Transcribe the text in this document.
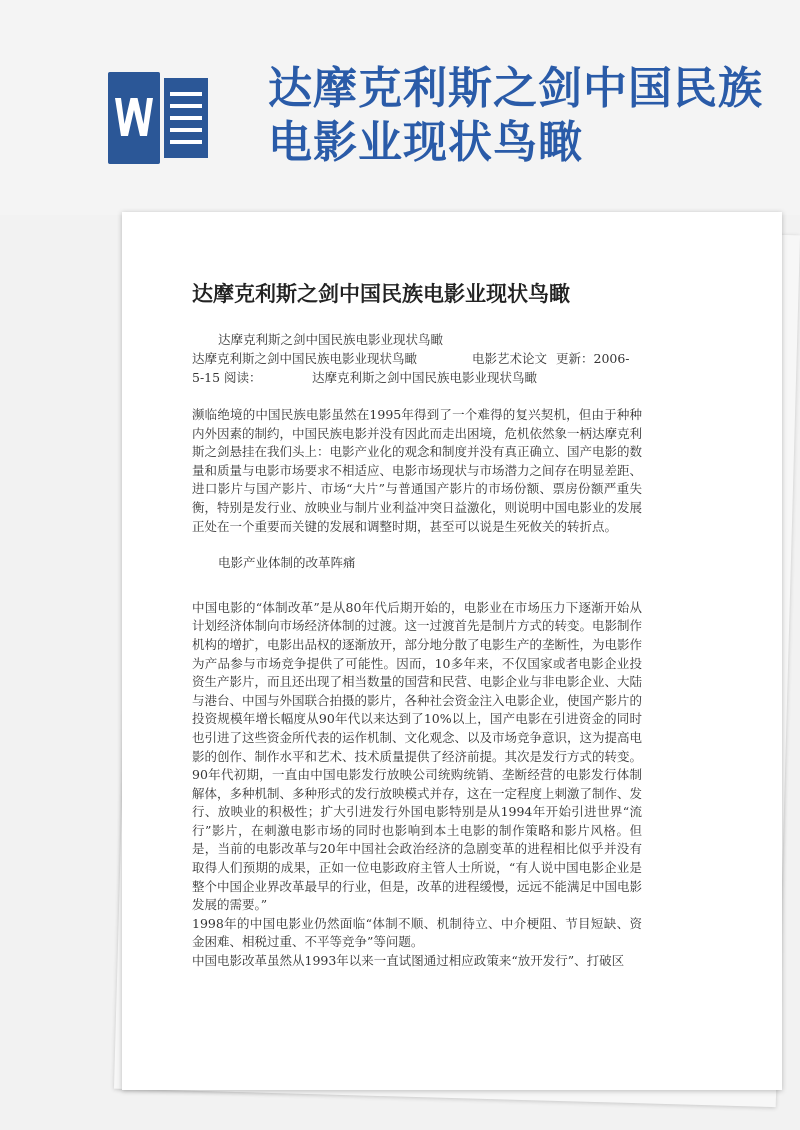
达摩克利斯之剑中国民族电影业现状鸟瞰
达摩克利斯之剑中国民族电影业现状鸟瞰
达摩克利斯之剑中国民族电影业现状鸟瞰
达摩克利斯之剑中国民族电影业现状鸟瞰	电影艺术论文 更新：2006-
5-15 阅读：	达摩克利斯之剑中国民族电影业现状鸟瞰

濒临绝境的中国民族电影虽然在1995年得到了一个难得的复兴契机，但由于种种内外因素的制约，中国民族电影并没有因此而走出困境，危机依然象一柄达摩克利斯之剑悬挂在我们头上：电影产业化的观念和制度并没有真正确立、国产电影的数量和质量与电影市场要求不相适应、电影市场现状与市场潜力之间存在明显差距、进口影片与国产影片、市场“大片”与普通国产影片的市场份额、票房份额严重失衡，特别是发行业、放映业与制片业利益冲突日益激化，则说明中国电影业的发展正处在一个重要而关键的发展和调整时期，甚至可以说是生死攸关的转折点。

电影产业体制的改革阵痛

中国电影的“体制改革”是从80年代后期开始的，电影业在市场压力下逐渐开始从计划经济体制向市场经济体制的过渡。这一过渡首先是制片方式的转变。电影制作机构的增扩，电影出品权的逐渐放开，部分地分散了电影生产的垄断性，为电影作为产品参与市场竞争提供了可能性。因而，10多年来，不仅国家或者电影企业投资生产影片，而且还出现了相当数量的国营和民营、电影企业与非电影企业、大陆与港台、中国与外国联合拍摄的影片，各种社会资金注入电影企业，使国产影片的投资规模年增长幅度从90年代以来达到了10%以上，国产电影在引进资金的同时也引进了这些资金所代表的运作机制、文化观念、以及市场竞争意识，这为提高电影的创作、制作水平和艺术、技术质量提供了经济前提。其次是发行方式的转变。90年代初期，一直由中国电影发行放映公司统购统销、垄断经营的电影发行体制解体，多种机制、多种形式的发行放映模式并存，这在一定程度上刺激了制作、发行、放映业的积极性；扩大引进发行外国电影特别是从1994年开始引进世界“流行”影片，在刺激电影市场的同时也影响到本土电影的制作策略和影片风格。但是，当前的电影改革与20年中国社会政治经济的急剧变革的进程相比似乎并没有取得人们预期的成果，正如一位电影政府主管人士所说，“有人说中国电影企业是整个中国企业界改革最早的行业，但是，改革的进程缓慢，远远不能满足中国电影发展的需要。”

1998年的中国电影业仍然面临“体制不顺、机制待立、中介梗阻、节目短缺、资金困难、相税过重、不平等竞争”等问题。

中国电影改革虽然从1993年以来一直试图通过相应政策来“放开发行”、打破区
